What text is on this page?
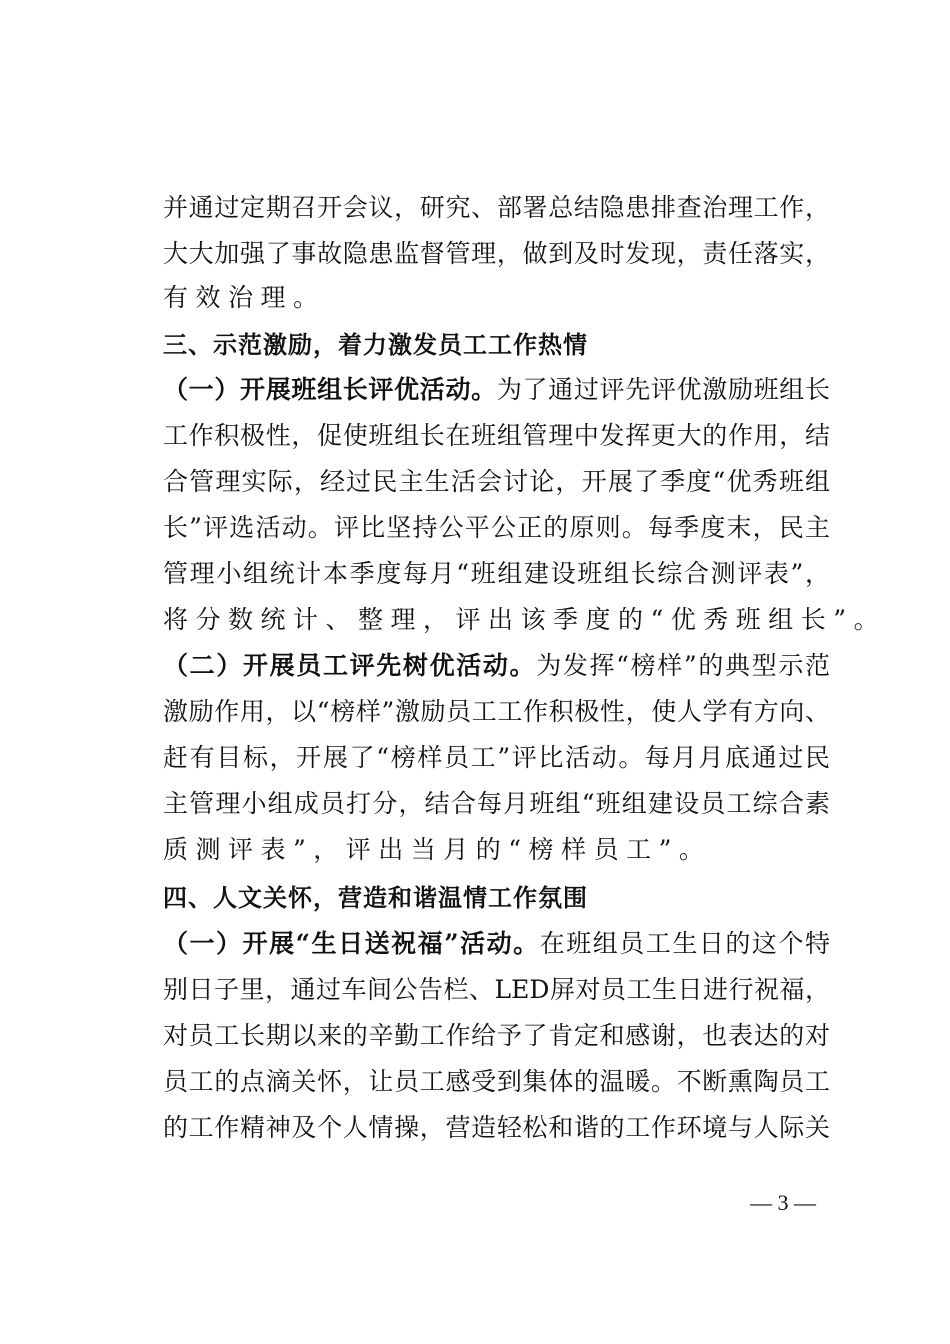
并通过定期召开会议，研究、部署总结隐患排查治理工作，
大大加强了事故隐患监督管理，做到及时发现，责任落实，
有效治理。
三、示范激励，着力激发员工工作热情
（一）开展班组长评优活动。为了通过评先评优激励班组长
工作积极性，促使班组长在班组管理中发挥更大的作用，结
合管理实际，经过民主生活会讨论，开展了季度“优秀班组
长”评选活动。评比坚持公平公正的原则。每季度末，民主
管理小组统计本季度每月“班组建设班组长综合测评表”，
将分数统计、整理，评出该季度的“优秀班组长”。
（二）开展员工评先树优活动。为发挥“榜样”的典型示范
激励作用，以“榜样”激励员工工作积极性，使人学有方向、
赶有目标，开展了“榜样员工”评比活动。每月月底通过民
主管理小组成员打分，结合每月班组“班组建设员工综合素
质测评表”，评出当月的“榜样员工”。
四、人文关怀，营造和谐温情工作氛围
（一）开展“生日送祝福”活动。在班组员工生日的这个特
别日子里，通过车间公告栏、LED屏对员工生日进行祝福，
对员工长期以来的辛勤工作给予了肯定和感谢，也表达的对
员工的点滴关怀，让员工感受到集体的温暖。不断熏陶员工
的工作精神及个人情操，营造轻松和谐的工作环境与人际关
— 3 —
